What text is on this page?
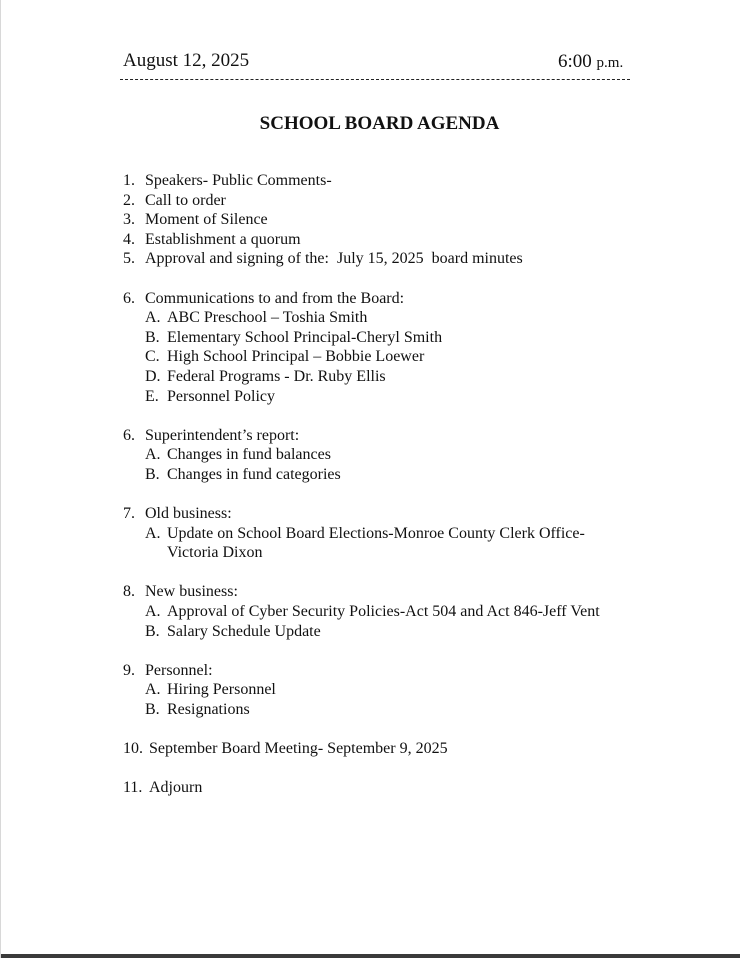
August 12, 2025	6:00 p.m.
SCHOOL BOARD AGENDA
1. Speakers- Public Comments-
2. Call to order
3. Moment of Silence
4. Establishment a quorum
5. Approval and signing of the:  July 15, 2025  board minutes
6. Communications to and from the Board:
A. ABC Preschool – Toshia Smith
B. Elementary School Principal-Cheryl Smith
C. High School Principal – Bobbie Loewer
D. Federal Programs - Dr. Ruby Ellis
E. Personnel Policy
6. Superintendent’s report:
A. Changes in fund balances
B. Changes in fund categories
7. Old business:
A. Update on School Board Elections-Monroe County Clerk Office-
Victoria Dixon
8. New business:
A. Approval of Cyber Security Policies-Act 504 and Act 846-Jeff Vent
B. Salary Schedule Update
9. Personnel:
A. Hiring Personnel
B. Resignations
10. September Board Meeting- September 9, 2025
11. Adjourn
